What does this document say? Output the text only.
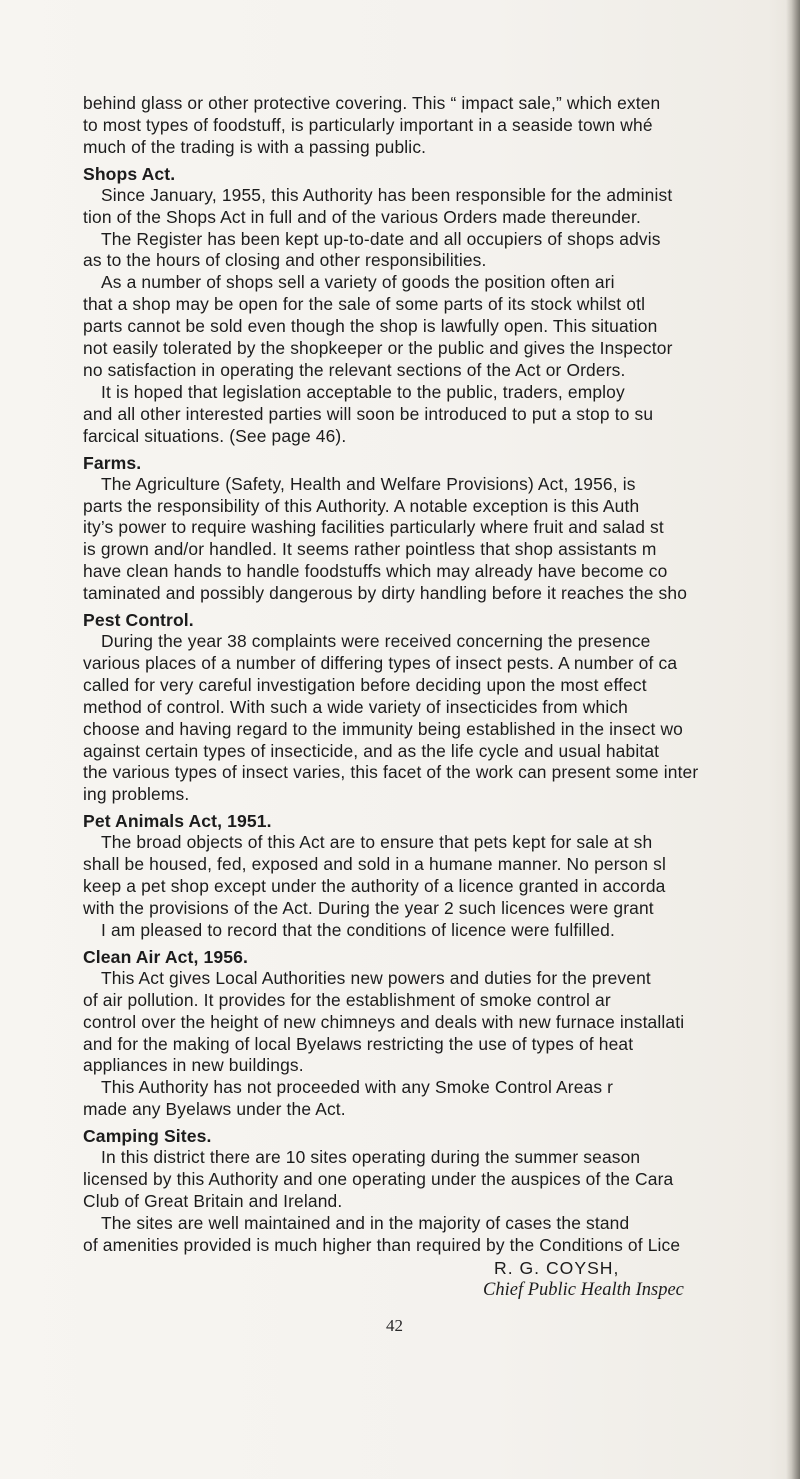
behind glass or other protective covering. This “ impact sale,” which exten

to most types of foodstuff, is particularly important in a seaside town whé

much of the trading is with a passing public.

Shops Act.

Since January, 1955, this Authority has been responsible for the administ

tion of the Shops Act in full and of the various Orders made thereunder.

The Register has been kept up-to-date and all occupiers of shops advis

as to the hours of closing and other responsibilities.

As a number of shops sell a variety of goods the position often ari

that a shop may be open for the sale of some parts of its stock whilst otl

parts cannot be sold even though the shop is lawfully open. This situation

not easily tolerated by the shopkeeper or the public and gives the Inspector

no satisfaction in operating the relevant sections of the Act or Orders.

It is hoped that legislation acceptable to the public, traders, employ

and all other interested parties will soon be introduced to put a stop to su

farcical situations. (See page 46).

Farms.

The Agriculture (Safety, Health and Welfare Provisions) Act, 1956, is

parts the responsibility of this Authority. A notable exception is this Auth

ity’s power to require washing facilities particularly where fruit and salad st

is grown and/or handled. It seems rather pointless that shop assistants m

have clean hands to handle foodstuffs which may already have become co

taminated and possibly dangerous by dirty handling before it reaches the sho

Pest Control.

During the year 38 complaints were received concerning the presence

various places of a number of differing types of insect pests. A number of ca

called for very careful investigation before deciding upon the most effect

method of control. With such a wide variety of insecticides from which

choose and having regard to the immunity being established in the insect wo

against certain types of insecticide, and as the life cycle and usual habitat

the various types of insect varies, this facet of the work can present some inter

ing problems.

Pet Animals Act, 1951.

The broad objects of this Act are to ensure that pets kept for sale at sh

shall be housed, fed, exposed and sold in a humane manner. No person sl

keep a pet shop except under the authority of a licence granted in accorda

with the provisions of the Act. During the year 2 such licences were grant

I am pleased to record that the conditions of licence were fulfilled.

Clean Air Act, 1956.

This Act gives Local Authorities new powers and duties for the prevent

of air pollution. It provides for the establishment of smoke control ar

control over the height of new chimneys and deals with new furnace installati

and for the making of local Byelaws restricting the use of types of heat

appliances in new buildings.

This Authority has not proceeded with any Smoke Control Areas r

made any Byelaws under the Act.

Camping Sites.

In this district there are 10 sites operating during the summer season

licensed by this Authority and one operating under the auspices of the Cara

Club of Great Britain and Ireland.

The sites are well maintained and in the majority of cases the stand

of amenities provided is much higher than required by the Conditions of Lice

R. G. COYSH,
Chief Public Health Inspec
42
